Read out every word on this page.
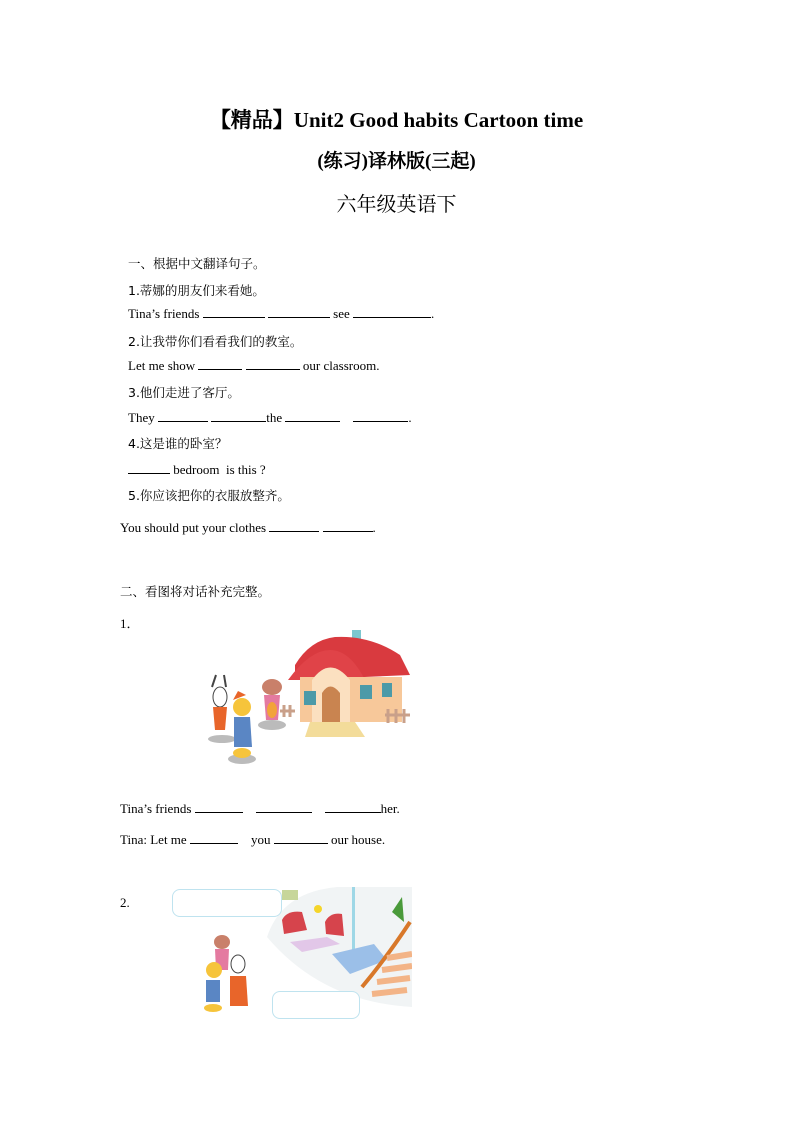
【精品】Unit2 Good habits Cartoon time
(练习)译林版(三起)
六年级英语下
一、根据中文翻译句子。
1.蒂娜的朋友们来看她。
Tina’s friends	see	.
2.让我带你们看看我们的教室。
Let me show	our classroom.
3.他们走进了客厅。
They	the	.
4.这是谁的卧室？
bedroom  is this ?
5.你应该把你的衣服放整齐。
You should put your clothes	.
二、看图将对话补充完整。
1．
Tina’s friends	her.
Tina: Let me	you	our house.
2.
